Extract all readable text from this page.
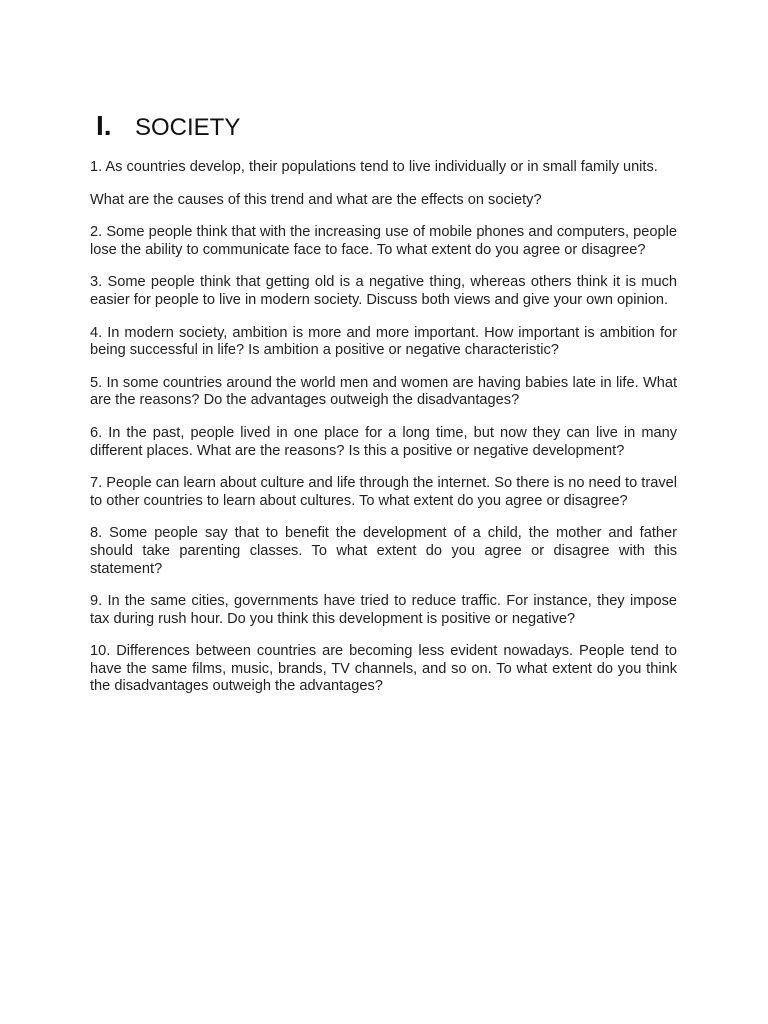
I. SOCIETY

1. As countries develop, their populations tend to live individually or in small family units.

What are the causes of this trend and what are the effects on society?

2. Some people think that with the increasing use of mobile phones and computers, people lose the ability to communicate face to face. To what extent do you agree or disagree?

3. Some people think that getting old is a negative thing, whereas others think it is much easier for people to live in modern society. Discuss both views and give your own opinion.

4. In modern society, ambition is more and more important. How important is ambition for being successful in life? Is ambition a positive or negative characteristic?

5. In some countries around the world men and women are having babies late in life. What are the reasons? Do the advantages outweigh the disadvantages?

6. In the past, people lived in one place for a long time, but now they can live in many different places. What are the reasons? Is this a positive or negative development?

7. People can learn about culture and life through the internet. So there is no need to travel to other countries to learn about cultures. To what extent do you agree or disagree?

8. Some people say that to benefit the development of a child, the mother and father should take parenting classes. To what extent do you agree or disagree with this statement?

9. In the same cities, governments have tried to reduce traffic. For instance, they impose tax during rush hour. Do you think this development is positive or negative?

10. Differences between countries are becoming less evident nowadays. People tend to have the same films, music, brands, TV channels, and so on. To what extent do you think the disadvantages outweigh the advantages?
